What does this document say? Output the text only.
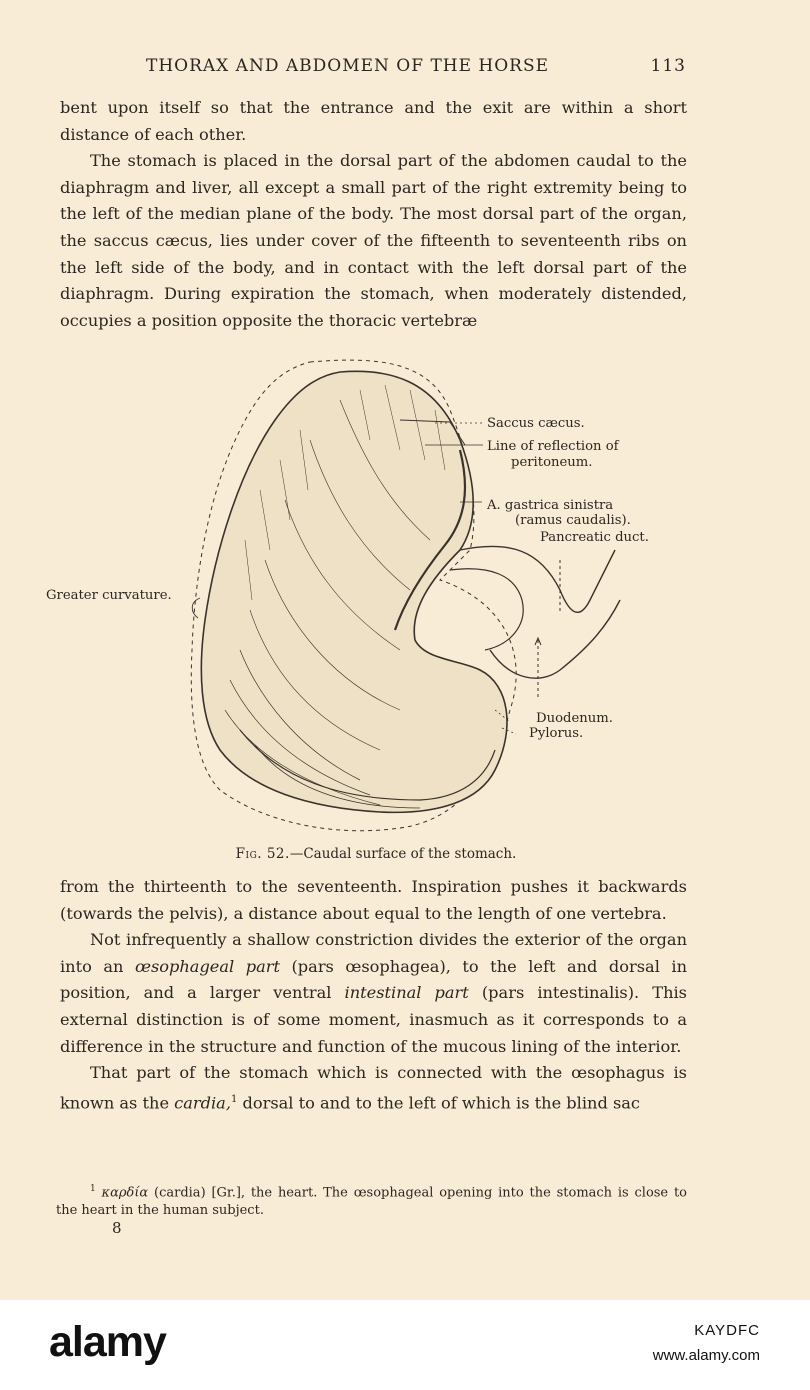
THORAX AND ABDOMEN OF THE HORSE	113

bent upon itself so that the entrance and the exit are within a short distance of each other.

The stomach is placed in the dorsal part of the abdomen caudal to the diaphragm and liver, all except a small part of the right extremity being to the left of the median plane of the body. The most dorsal part of the organ, the saccus cæcus, lies under cover of the fifteenth to seventeenth ribs on the left side of the body, and in contact with the left dorsal part of the diaphragm. During expiration the stomach, when moderately distended, occupies a position opposite the thoracic vertebræ

Saccus cæcus.
Line of reflection of
peritoneum.
A. gastrica sinistra
(ramus caudalis).
Pancreatic duct.
Greater curvature.
Duodenum.
Pylorus.
Fig. 52.—Caudal surface of the stomach.

from the thirteenth to the seventeenth. Inspiration pushes it backwards (towards the pelvis), a distance about equal to the length of one vertebra.

Not infrequently a shallow constriction divides the exterior of the organ into an œsophageal part (pars œsophagea), to the left and dorsal in position, and a larger ventral intestinal part (pars intestinalis). This external distinction is of some moment, inasmuch as it corresponds to a difference in the structure and function of the mucous lining of the interior.

That part of the stomach which is connected with the œsophagus is known as the cardia,$^1$ dorsal to and to the left of which is the blind sac

$^1$ καρδία (cardia) [Gr.], the heart. The œsophageal opening into the stomach is close to the heart in the human subject.

8
alamy	KAYDFC
www.alamy.com
